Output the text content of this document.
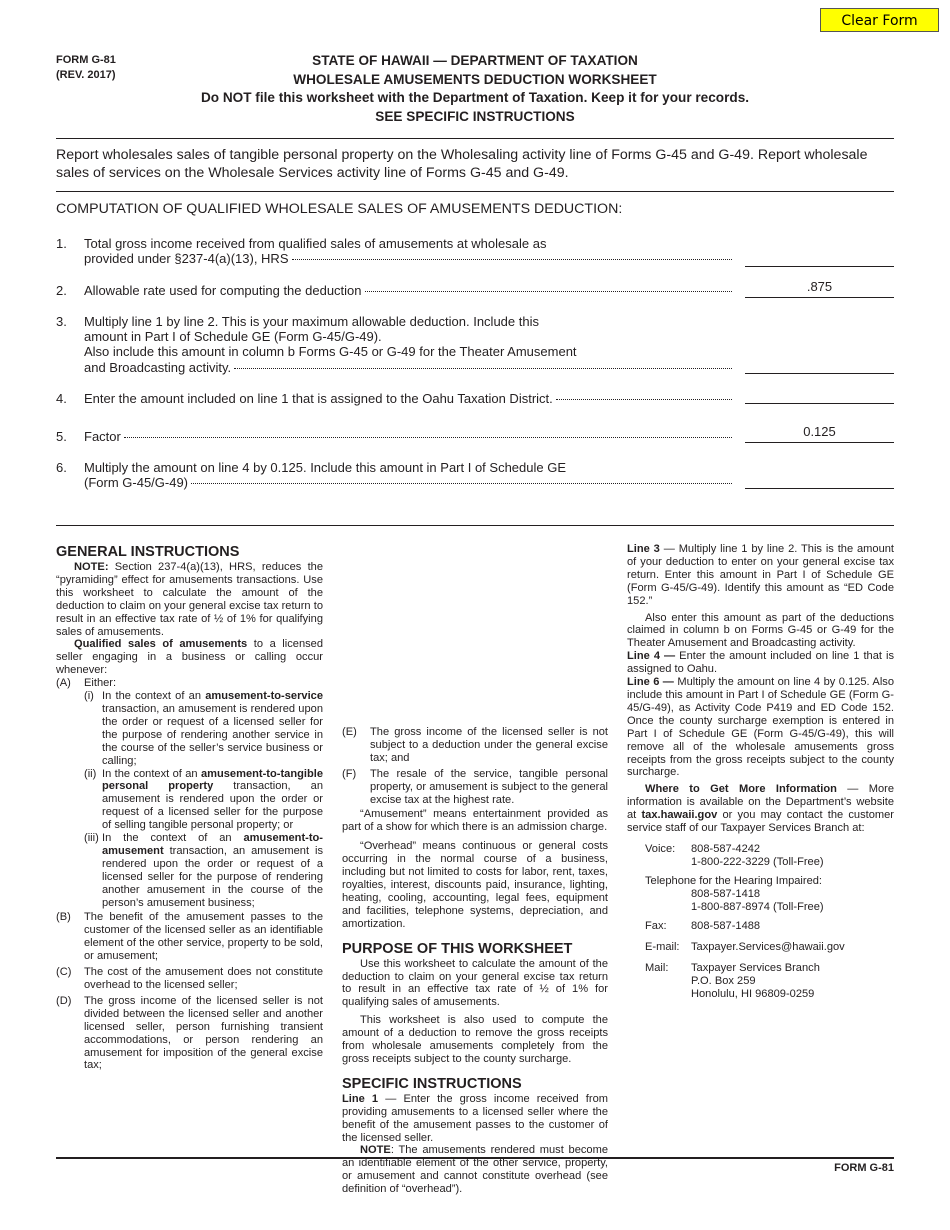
Clear Form
FORM G-81
(REV. 2017)
STATE OF HAWAII — DEPARTMENT OF TAXATION
WHOLESALE AMUSEMENTS DEDUCTION WORKSHEET
Do NOT file this worksheet with the Department of Taxation. Keep it for your records.
SEE SPECIFIC INSTRUCTIONS
Report wholesales sales of tangible personal property on the Wholesaling activity line of Forms G-45 and G-49. Report wholesale sales of services on the Wholesale Services activity line of Forms G-45 and G-49.
COMPUTATION OF QUALIFIED WHOLESALE SALES OF AMUSEMENTS DEDUCTION:
1. Total gross income received from qualified sales of amusements at wholesale as
provided under §237-4(a)(13), HRS
2. Allowable rate used for computing the deduction	.875
3. Multiply line 1 by line 2. This is your maximum allowable deduction. Include this
amount in Part I of Schedule GE (Form G-45/G-49).
Also include this amount in column b Forms G-45 or G-49 for the Theater Amusement
and Broadcasting activity.
4. Enter the amount included on line 1 that is assigned to the Oahu Taxation District.
5. Factor	0.125
6. Multiply the amount on line 4 by 0.125. Include this amount in Part I of Schedule GE
(Form G-45/G-49)
GENERAL INSTRUCTIONS

NOTE: Section 237-4(a)(13), HRS, reduces the “pyramiding” effect for amusements transactions. Use this worksheet to calculate the amount of the deduction to claim on your general excise tax return to result in an effective tax rate of ½ of 1% for qualifying sales of amusements.

Qualified sales of amusements to a licensed seller engaging in a business or calling occur whenever:

(A)	Either:
(i) In the context of an amusement-to-service transaction, an amusement is rendered upon the order or request of a licensed seller for the purpose of rendering another service in the course of the seller’s service business or calling;
(ii) In the context of an amusement-to-tangible personal property transaction, an amusement is rendered upon the order or request of a licensed seller for the purpose of selling tangible personal property; or
(iii) In the context of an amusement-to-amusement transaction, an amusement is rendered upon the order or request of a licensed seller for the purpose of rendering another amusement in the course of the person’s amusement business;
(B)	The benefit of the amusement passes to the customer of the licensed seller as an identifiable element of the other service, property to be sold, or amusement;
(C)	The cost of the amusement does not constitute overhead to the licensed seller;
(D)	The gross income of the licensed seller is not divided between the licensed seller and another licensed seller, person furnishing transient accommodations, or person rendering an amusement for imposition of the general excise tax;
(E)	The gross income of the licensed seller is not subject to a deduction under the general excise tax; and
(F)	The resale of the service, tangible personal property, or amusement is subject to the general excise tax at the highest rate.

“Amusement” means entertainment provided as part of a show for which there is an admission charge.

“Overhead” means continuous or general costs occurring in the normal course of a business, including but not limited to costs for labor, rent, taxes, royalties, interest, discounts paid, insurance, lighting, heating, cooling, accounting, legal fees, equipment and facilities, telephone systems, depreciation, and amortization.

PURPOSE OF THIS WORKSHEET

Use this worksheet to calculate the amount of the deduction to claim on your general excise tax return to result in an effective tax rate of ½ of 1% for qualifying sales of amusements.

This worksheet is also used to compute the amount of a deduction to remove the gross receipts from wholesale amusements completely from the gross receipts subject to the county surcharge.

SPECIFIC INSTRUCTIONS

Line 1 — Enter the gross income received from providing amusements to a licensed seller where the benefit of the amusement passes to the customer of the licensed seller.

NOTE: The amusements rendered must become an identifiable element of the other service, property, or amusement and cannot constitute overhead (see definition of “overhead”).

Line 3 — Multiply line 1 by line 2. This is the amount of your deduction to enter on your general excise tax return. Enter this amount in Part I of Schedule GE (Form G-45/G-49). Identify this amount as “ED Code 152.”

Also enter this amount as part of the deductions claimed in column b on Forms G-45 or G-49 for the Theater Amusement and Broadcasting activity.

Line 4 — Enter the amount included on line 1 that is assigned to Oahu.

Line 6 — Multiply the amount on line 4 by 0.125. Also include this amount in Part I of Schedule GE (Form G-45/G-49), as Activity Code P419 and ED Code 152. Once the county surcharge exemption is entered in Part I of Schedule GE (Form G-45/G-49), this will remove all of the wholesale amusements gross receipts from the gross receipts subject to the county surcharge.

Where to Get More Information — More information is available on the Department’s website at tax.hawaii.gov or you may contact the customer service staff of our Taxpayer Services Branch at:

Voice:	808-587-4242
1-800-222-3229 (Toll-Free)
Telephone for the Hearing Impaired:
808-587-1418
1-800-887-8974 (Toll-Free)
Fax:	808-587-1488
E-mail:	Taxpayer.Services@hawaii.gov
Mail:	Taxpayer Services Branch
P.O. Box 259
Honolulu, HI 96809-0259
FORM G-81
